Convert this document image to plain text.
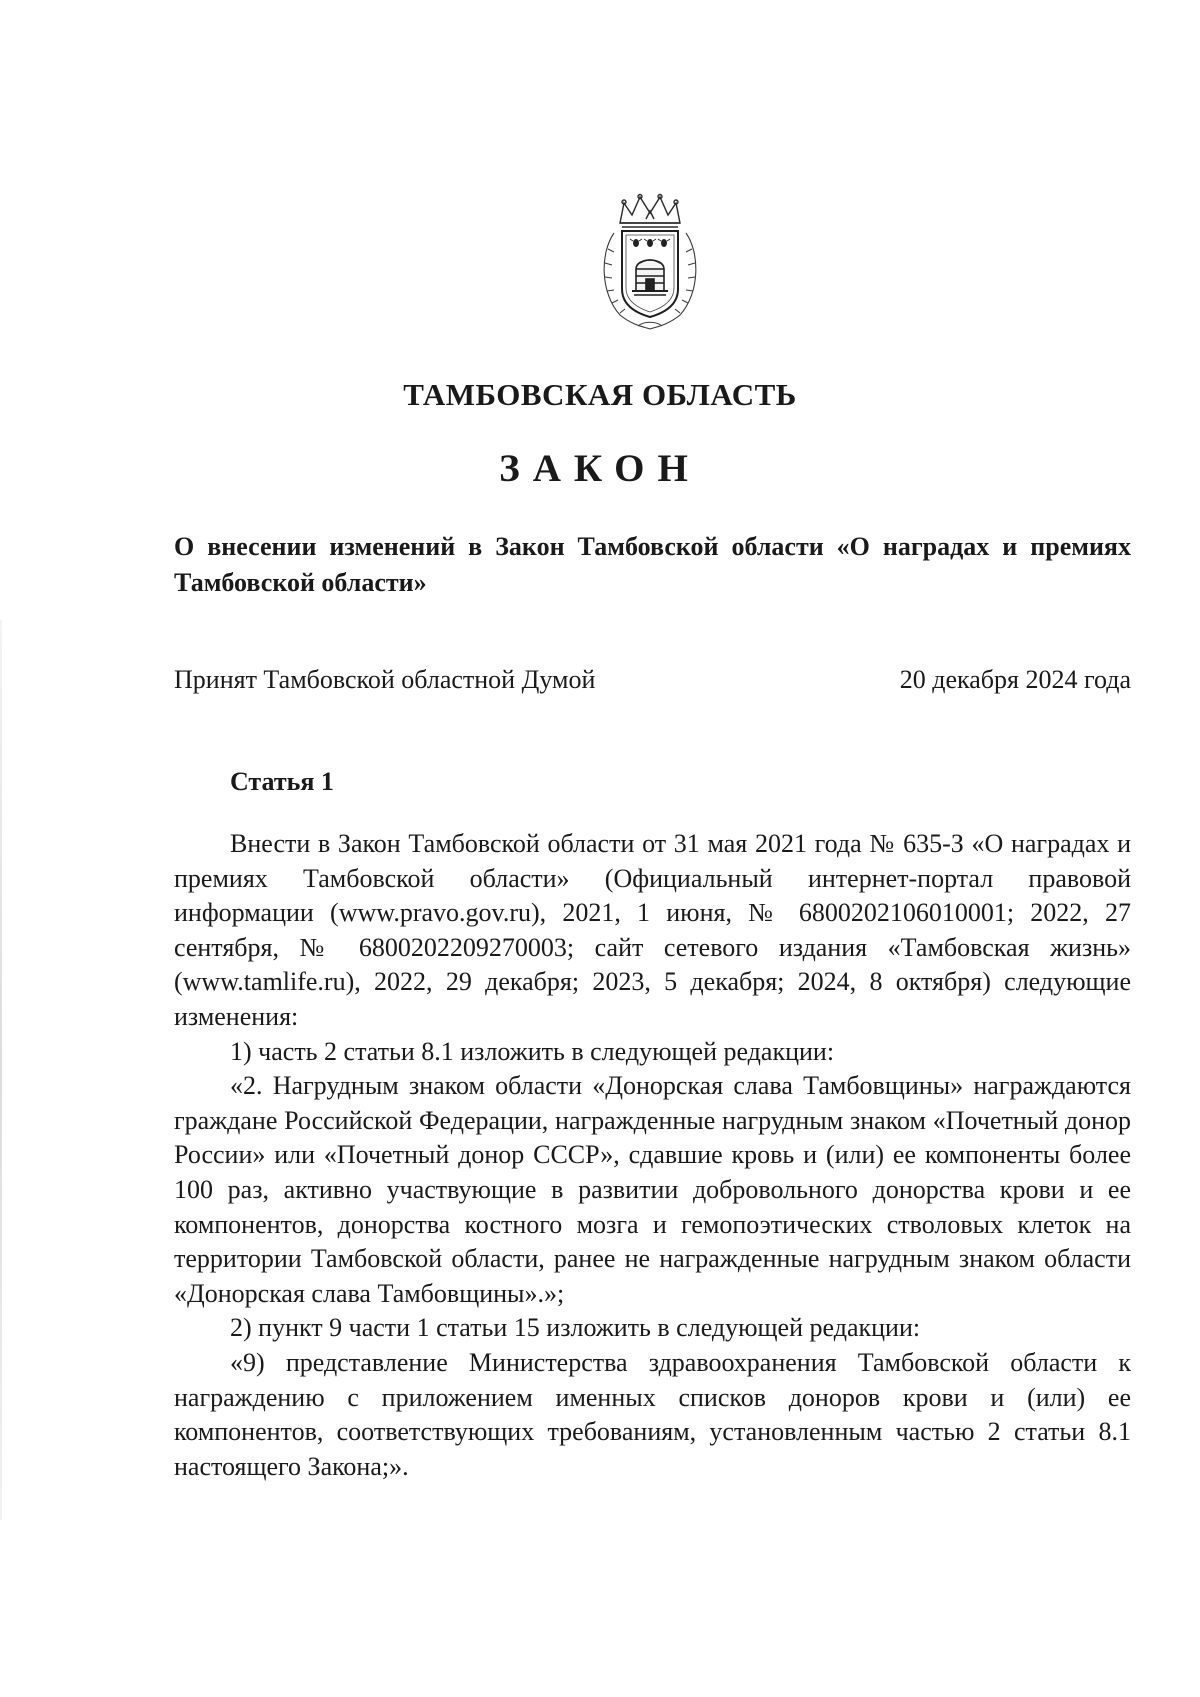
ТАМБОВСКАЯ ОБЛАСТЬ
ЗАКОН
О внесении изменений в Закон Тамбовской области «О наградах и премиях Тамбовской области»
Принят Тамбовской областной Думой	20 декабря 2024 года
Статья 1

Внести в Закон Тамбовской области от 31 мая 2021 года № 635-З «О наградах и премиях Тамбовской области» (Официальный интернет-портал правовой информации (www.pravo.gov.ru), 2021, 1 июня, № 6800202106010001; 2022, 27 сентября, № 6800202209270003; сайт сетевого издания «Тамбовская жизнь» (www.tamlife.ru), 2022, 29 декабря; 2023, 5 декабря; 2024, 8 октября) следующие изменения:

1) часть 2 статьи 8.1 изложить в следующей редакции:

«2. Нагрудным знаком области «Донорская слава Тамбовщины» награждаются граждане Российской Федерации, награжденные нагрудным знаком «Почетный донор России» или «Почетный донор СССР», сдавшие кровь и (или) ее компоненты более 100 раз, активно участвующие в развитии добровольного донорства крови и ее компонентов, донорства костного мозга и гемопоэтических стволовых клеток на территории Тамбовской области, ранее не награжденные нагрудным знаком области «Донорская слава Тамбовщины».»;

2) пункт 9 части 1 статьи 15 изложить в следующей редакции:

«9) представление Министерства здравоохранения Тамбовской области к награждению с приложением именных списков доноров крови и (или) ее компонентов, соответствующих требованиям, установленным частью 2 статьи 8.1 настоящего Закона;».
